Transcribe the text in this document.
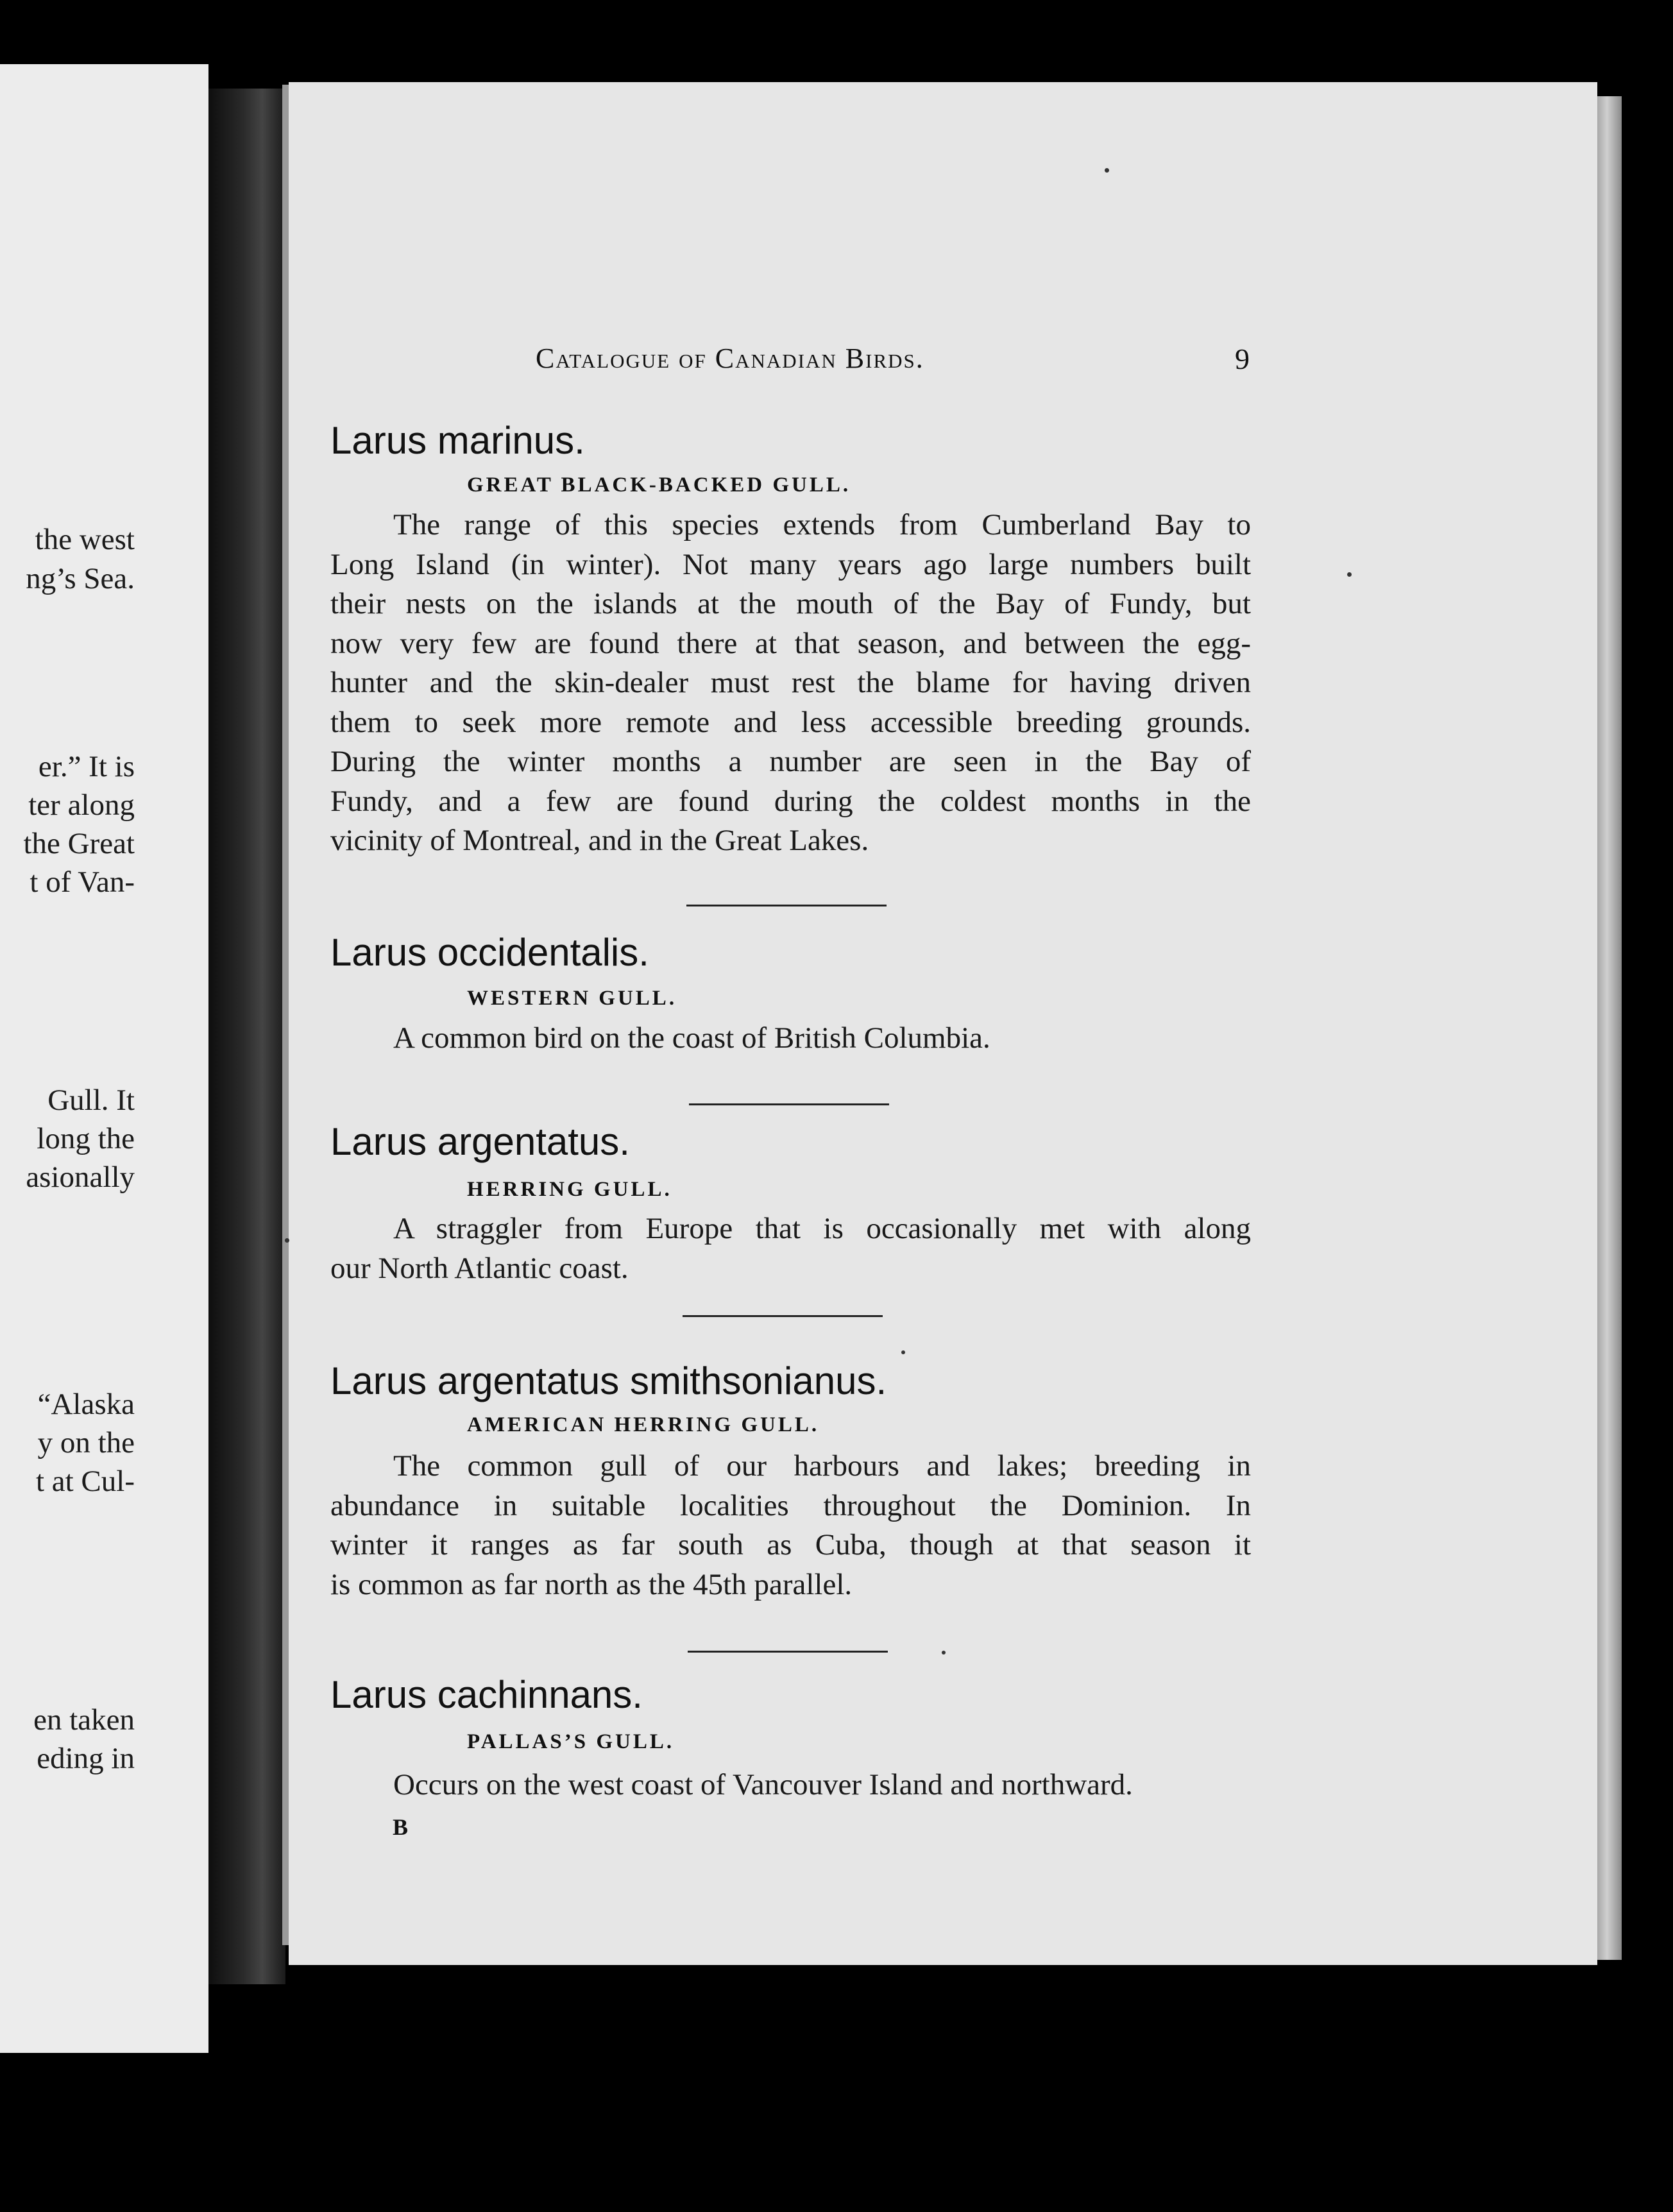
the west
ng’s Sea.
er.” It is
ter along
the Great
t of Van-
Gull. It
long the
asionally
“Alaska
y on the
t at Cul-
en taken
eding in
Catalogue of Canadian Birds.	9
Larus marinus.
GREAT BLACK-BACKED GULL.
The range of this species extends from Cumberland Bay to
Long Island (in winter). Not many years ago large numbers built
their nests on the islands at the mouth of the Bay of Fundy, but
now very few are found there at that season, and between the egg-
hunter and the skin-dealer must rest the blame for having driven
them to seek more remote and less accessible breeding grounds.
During the winter months a number are seen in the Bay of
Fundy, and a few are found during the coldest months in the
vicinity of Montreal, and in the Great Lakes.
Larus occidentalis.
WESTERN GULL.
A common bird on the coast of British Columbia.
Larus argentatus.
HERRING GULL.
A straggler from Europe that is occasionally met with along
our North Atlantic coast.
Larus argentatus smithsonianus.
AMERICAN HERRING GULL.
The common gull of our harbours and lakes; breeding in
abundance in suitable localities throughout the Dominion. In
winter it ranges as far south as Cuba, though at that season it
is common as far north as the 45th parallel.
Larus cachinnans.
PALLAS’S GULL.
Occurs on the west coast of Vancouver Island and northward.
B
